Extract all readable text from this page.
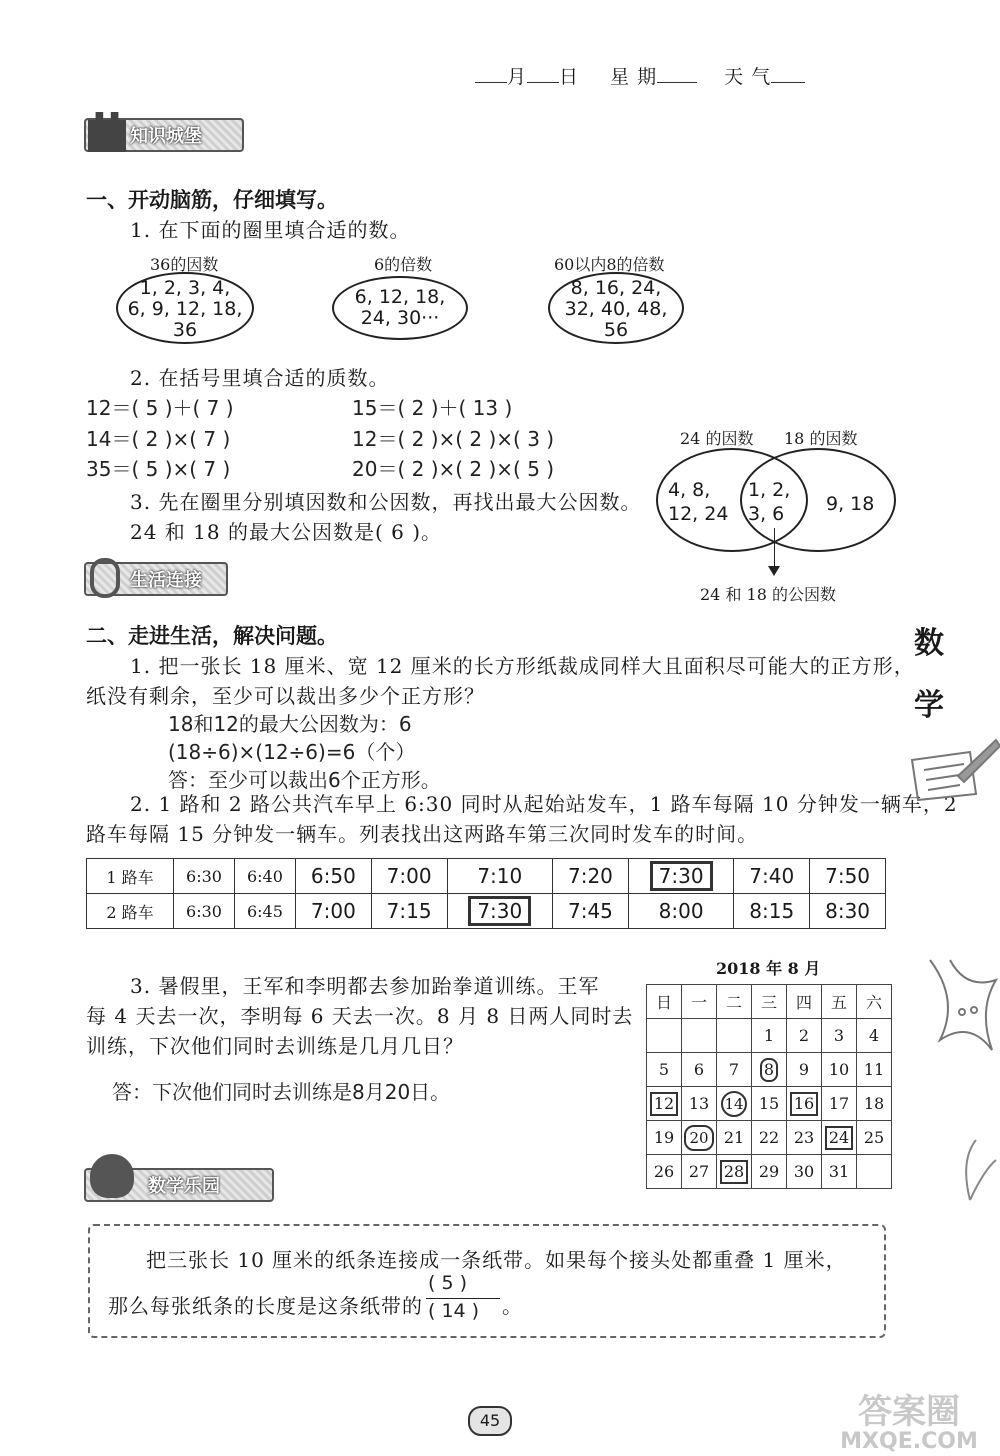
月 日 星 期	天 气
知识城堡
一、开动脑筋，仔细填写。
1. 在下面的圈里填合适的数。
36的因数
1, 2, 3, 4,
6, 9, 12, 18,
36
6的倍数
6, 12, 18,
24, 30···
60以内8的倍数
8, 16, 24,
32, 40, 48,
56
2. 在括号里填合适的质数。
12＝( 5 )＋( 7 )	15＝( 2 )＋( 13 )
14＝( 2 )×( 7 )	12＝( 2 )×( 2 )×( 3 )
35＝( 5 )×( 7 )	20＝( 2 )×( 2 )×( 5 )
3. 先在圈里分别填因数和公因数，再找出最大公因数。
24 和 18 的最大公因数是( 6 )。
24 的因数 18 的因数
4, 8,
12, 24
1, 2,
3, 6	9, 18
24 和 18 的公因数
生活连接
二、走进生活，解决问题。
1. 把一张长 18 厘米、宽 12 厘米的长方形纸裁成同样大且面积尽可能大的正方形，
纸没有剩余，至少可以裁出多少个正方形？
18和12的最大公因数为：6
(18÷6)×(12÷6)=6（个）
答：至少可以裁出6个正方形。
2. 1 路和 2 路公共汽车早上 6:30 同时从起始站发车，1 路车每隔 10 分钟发一辆车，2
路车每隔 15 分钟发一辆车。列表找出这两路车第三次同时发车的时间。
1 路车	6:30	6:40	6:50	7:00	7:10	7:20	7:30	7:40	7:50
2 路车	6:30	6:45	7:00	7:15	7:30	7:45	8:00	8:15	8:30
3. 暑假里，王军和李明都去参加跆拳道训练。王军
每 4 天去一次，李明每 6 天去一次。8 月 8 日两人同时去
训练，下次他们同时去训练是几月几日？
答：下次他们同时去训练是8月20日。
2018 年 8 月
日	一	二	三	四	五	六
			1	2	3	4
5	6	7	8	9	10	11
12	13	14	15	16	17	18
19	20	21	22	23	24	25
26	27	28	29	30	31	
数学乐园
把三张长 10 厘米的纸条连接成一条纸带。如果每个接头处都重叠 1 厘米，
那么每张纸条的长度是这条纸带的
( 5 )
( 14 ) 。
数
学
45	答案圈
MXQE.COM
